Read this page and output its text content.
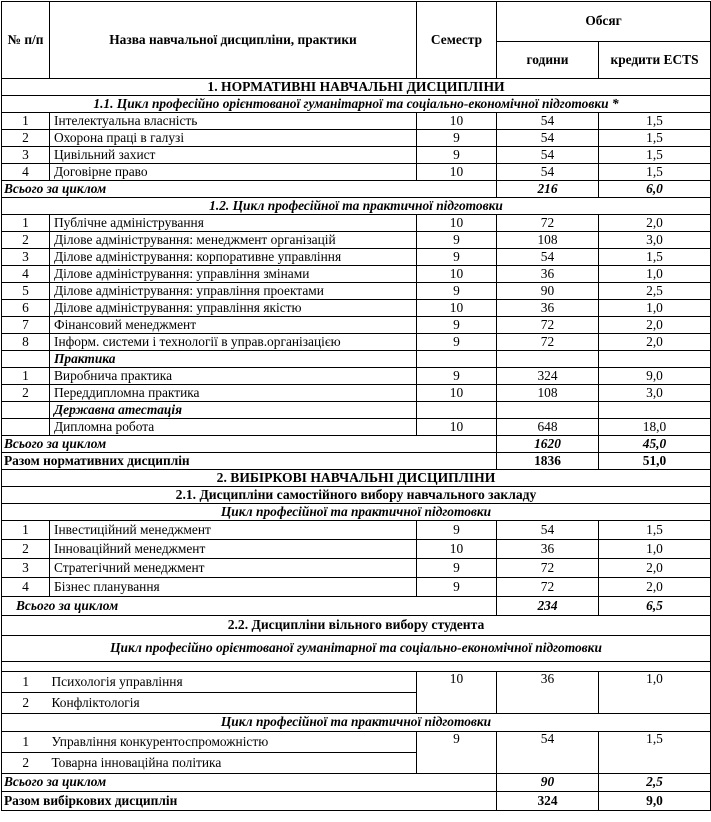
№ п/п	Назва навчальної дисципліни, практики	Семестр	Обсяг	
			години	кредити ECTS
1. НОРМАТИВНІ НАВЧАЛЬНІ ДИСЦИПЛІНИ				
1.1. Цикл професійно орієнтованої гуманітарної та соціально-економічної підготовки *				
1	Інтелектуальна власність	10	54	1,5
2	Охорона праці в галузі	9	54	1,5
3	Цивільний захист	9	54	1,5
4	Договірне право	10	54	1,5
Всього за циклом			216	6,0
1.2. Цикл професійної та практичної підготовки				
1	Публічне адміністрування	10	72	2,0
2	Ділове адміністрування: менеджмент організацій	9	108	3,0
3	Ділове адміністрування: корпоративне управління	9	54	1,5
4	Ділове адміністрування: управління змінами	10	36	1,0
5	Ділове адміністрування: управління проектами	9	90	2,5
6	Ділове адміністрування: управління якістю	10	36	1,0
7	Фінансовий менеджмент	9	72	2,0
8	Інформ. системи і технології в управ.організацією	9	72	2,0
	Практика			
1	Виробнича практика	9	324	9,0
2	Переддипломна практика	10	108	3,0
	Державна атестація			
	Дипломна робота	10	648	18,0
Всього за циклом			1620	45,0
Разом нормативних дисциплін			1836	51,0
2. ВИБІРКОВІ НАВЧАЛЬНІ ДИСЦИПЛІНИ				
2.1. Дисципліни самостійного вибору навчального закладу				
Цикл професійної та практичної підготовки				
1	Інвестиційний менеджмент	9	54	1,5
2	Інноваційний менеджмент	10	36	1,0
3	Стратегічний менеджмент	9	72	2,0
4	Бізнес планування	9	72	2,0
Всього за циклом			234	6,5
2.2. Дисципліни вільного вибору студента				
Цикл професійно орієнтованої гуманітарної та соціально-економічної підготовки				

1	Психологія управління	10	36	1,0
2	Конфліктологія			
Цикл професійної та практичної підготовки				
1	Управління конкурентоспроможністю	9	54	1,5
2	Товарна інноваційна політика			
Всього за циклом			90	2,5
Разом вибіркових дисциплін			324	9,0
